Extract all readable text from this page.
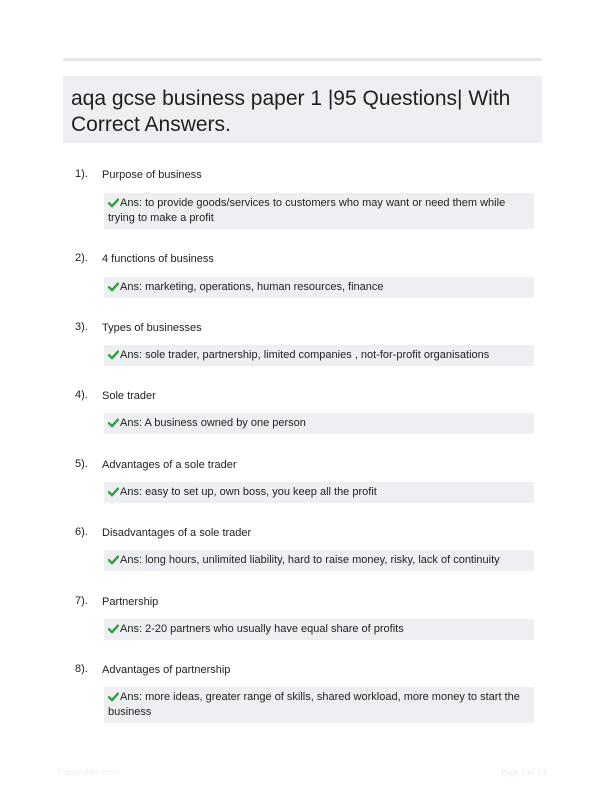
aqa gcse business paper 1 |95 Questions| With Correct Answers.
1). Purpose of business
Ans: to provide goods/services to customers who may want or need them while trying to make a profit
2). 4 functions of business
Ans: marketing, operations, human resources, finance
3). Types of businesses
Ans: sole trader, partnership, limited companies , not-for-profit organisations
4). Sole trader
Ans: A business owned by one person
5). Advantages of a sole trader
Ans: easy to set up, own boss, you keep all the profit
6). Disadvantages of a sole trader
Ans: long hours, unlimited liability, hard to raise money, risky, lack of continuity
7). Partnership
Ans: 2-20 partners who usually have equal share of profits
8). Advantages of partnership
Ans: more ideas, greater range of skills, shared workload, more money to start the business
Papersblic.com	Page 1 of 13
